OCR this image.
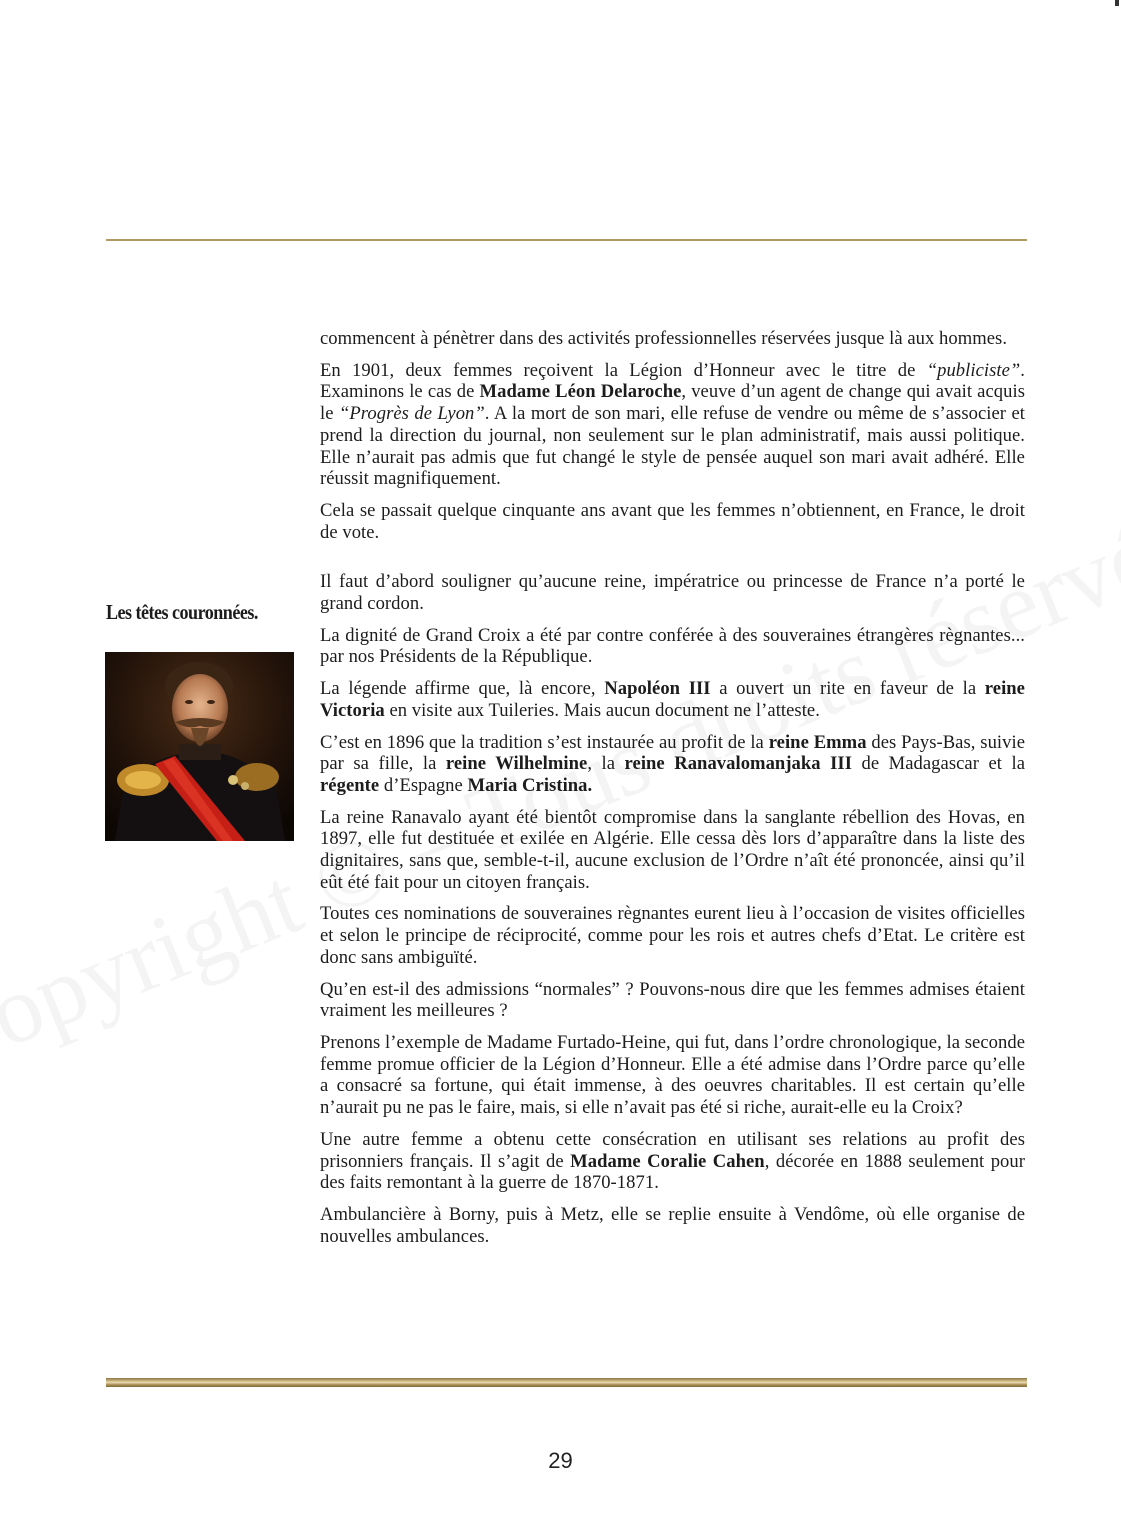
Les têtes couronnées.

commencent à pénètrer dans des activités professionnelles réservées jusque là aux hommes.

En 1901, deux femmes reçoivent la Légion d’Honneur avec le titre de “publiciste”. Examinons le cas de Madame Léon Delaroche, veuve d’un agent de change qui avait acquis le “Progrès de Lyon”. A la mort de son mari, elle refuse de vendre ou même de s’associer et prend la direction du journal, non seulement sur le plan administratif, mais aussi politique. Elle n’aurait pas admis que fut changé le style de pensée auquel son mari avait adhéré. Elle réussit magnifiquement.

Cela se passait quelque cinquante ans avant que les femmes n’obtiennent, en France, le droit de vote.

Il faut d’abord souligner qu’aucune reine, impératrice ou princesse de France n’a porté le grand cordon.

La dignité de Grand Croix a été par contre conférée à des souveraines étrangères règnantes... par nos Présidents de la République.

La légende affirme que, là encore, Napoléon III a ouvert un rite en faveur de la reine Victoria en visite aux Tuileries. Mais aucun document ne l’atteste.

C’est en 1896 que la tradition s’est instaurée au profit de la reine Emma des Pays-Bas, suivie par sa fille, la reine Wilhelmine, la reine Ranavalomanjaka III de Madagascar et la régente d’Espagne Maria Cristina.

La reine Ranavalo ayant été bientôt compromise dans la sanglante rébellion des Hovas, en 1897, elle fut destituée et exilée en Algérie. Elle cessa dès lors d’apparaître dans la liste des dignitaires, sans que, semble-t-il, aucune exclusion de l’Ordre n’aît été prononcée, ainsi qu’il eût été fait pour un citoyen français.

Toutes ces nominations de souveraines règnantes eurent lieu à l’occasion de visites officielles et selon le principe de réciprocité, comme pour les rois et autres chefs d’Etat. Le critère est donc sans ambiguïté.

Qu’en est-il des admissions “normales” ? Pouvons-nous dire que les femmes admises étaient vraiment les meilleures ?

Prenons l’exemple de Madame Furtado-Heine, qui fut, dans l’ordre chronologique, la seconde femme promue officier de la Légion d’Honneur. Elle a été admise dans l’Ordre parce qu’elle a consacré sa fortune, qui était immense, à des oeuvres charitables. Il est certain qu’elle n’aurait pu ne pas le faire, mais, si elle n’avait pas été si riche, aurait-elle eu la Croix?

Une autre femme a obtenu cette consécration en utilisant ses relations au profit des prisonniers français. Il s’agit de Madame Coralie Cahen, décorée en 1888 seulement pour des faits remontant à la guerre de 1870-1871.

Ambulancière à Borny, puis à Metz, elle se replie ensuite à Vendôme, où elle organise de nouvelles ambulances.

29
